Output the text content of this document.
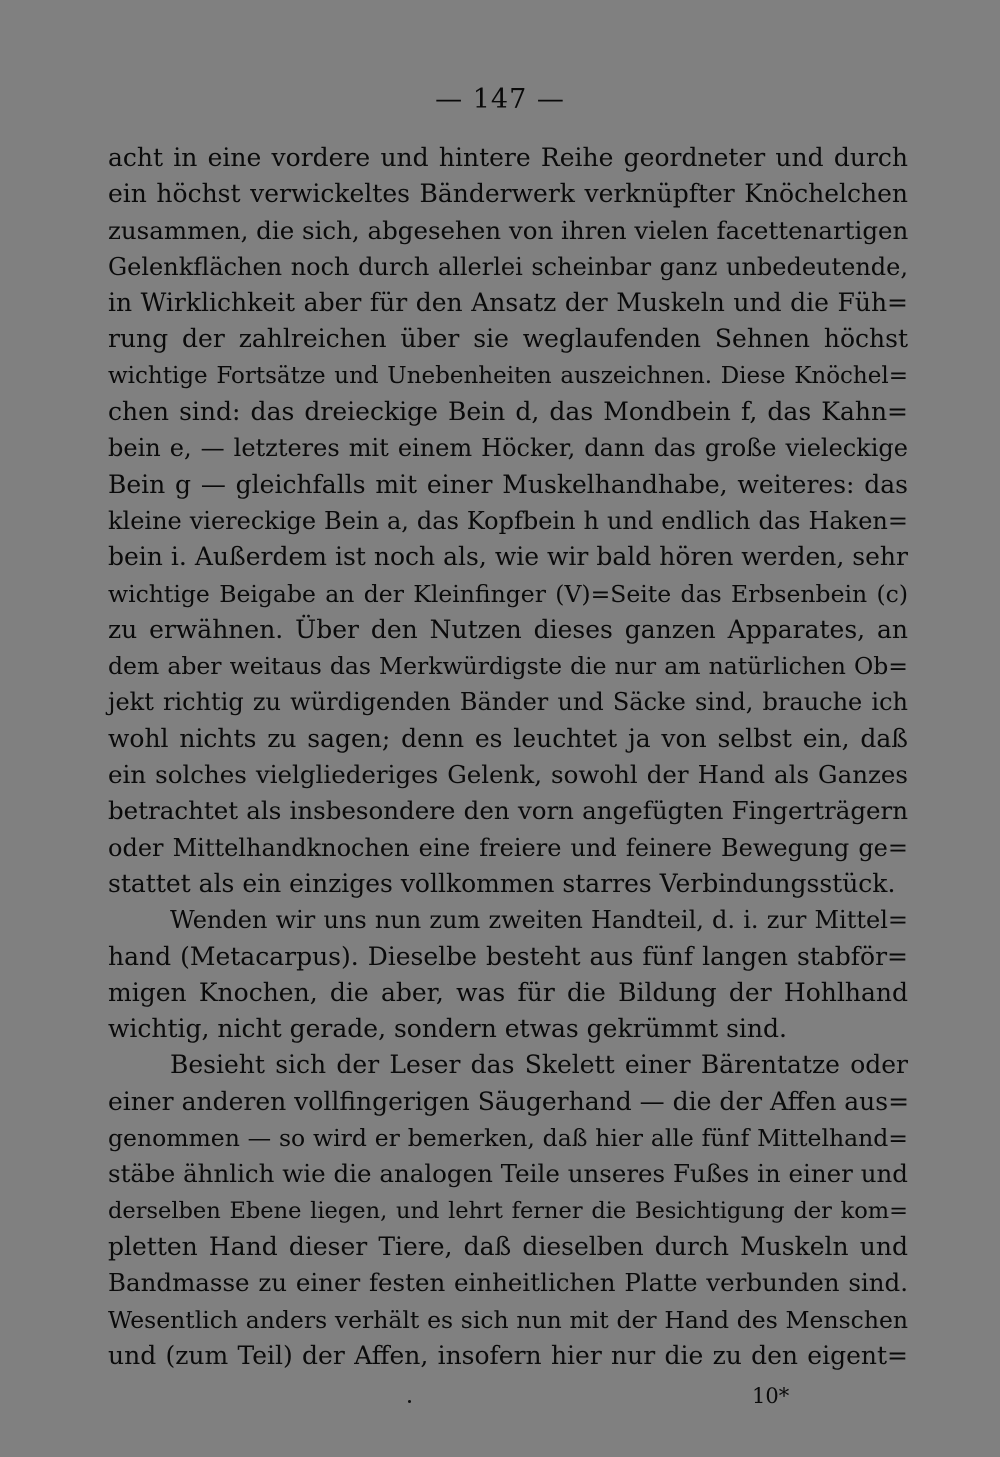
— 147 —
acht in eine vordere und hintere Reihe geordneter und durch
ein höchst verwickeltes Bänderwerk verknüpfter Knöchelchen
zusammen, die sich, abgesehen von ihren vielen facettenartigen
Gelenkflächen noch durch allerlei scheinbar ganz unbedeutende,
in Wirklichkeit aber für den Ansatz der Muskeln und die Füh=
rung der zahlreichen über sie weglaufenden Sehnen höchst
wichtige Fortsätze und Unebenheiten auszeichnen. Diese Knöchel=
chen sind: das dreieckige Bein d, das Mondbein f, das Kahn=
bein e, — letzteres mit einem Höcker, dann das große vieleckige
Bein g — gleichfalls mit einer Muskelhandhabe, weiteres: das
kleine viereckige Bein a, das Kopfbein h und endlich das Haken=
bein i. Außerdem ist noch als, wie wir bald hören werden, sehr
wichtige Beigabe an der Kleinfinger (V)=Seite das Erbsenbein (c)
zu erwähnen. Über den Nutzen dieses ganzen Apparates, an
dem aber weitaus das Merkwürdigste die nur am natürlichen Ob=
jekt richtig zu würdigenden Bänder und Säcke sind, brauche ich
wohl nichts zu sagen; denn es leuchtet ja von selbst ein, daß
ein solches vielgliederiges Gelenk, sowohl der Hand als Ganzes
betrachtet als insbesondere den vorn angefügten Fingerträgern
oder Mittelhandknochen eine freiere und feinere Bewegung ge=
stattet als ein einziges vollkommen starres Verbindungsstück.
Wenden wir uns nun zum zweiten Handteil, d. i. zur Mittel=
hand (Metacarpus). Dieselbe besteht aus fünf langen stabför=
migen Knochen, die aber, was für die Bildung der Hohlhand
wichtig, nicht gerade, sondern etwas gekrümmt sind.
Besieht sich der Leser das Skelett einer Bärentatze oder
einer anderen vollfingerigen Säugerhand — die der Affen aus=
genommen — so wird er bemerken, daß hier alle fünf Mittelhand=
stäbe ähnlich wie die analogen Teile unseres Fußes in einer und
derselben Ebene liegen, und lehrt ferner die Besichtigung der kom=
pletten Hand dieser Tiere, daß dieselben durch Muskeln und
Bandmasse zu einer festen einheitlichen Platte verbunden sind.
Wesentlich anders verhält es sich nun mit der Hand des Menschen
und (zum Teil) der Affen, insofern hier nur die zu den eigent=
10*
